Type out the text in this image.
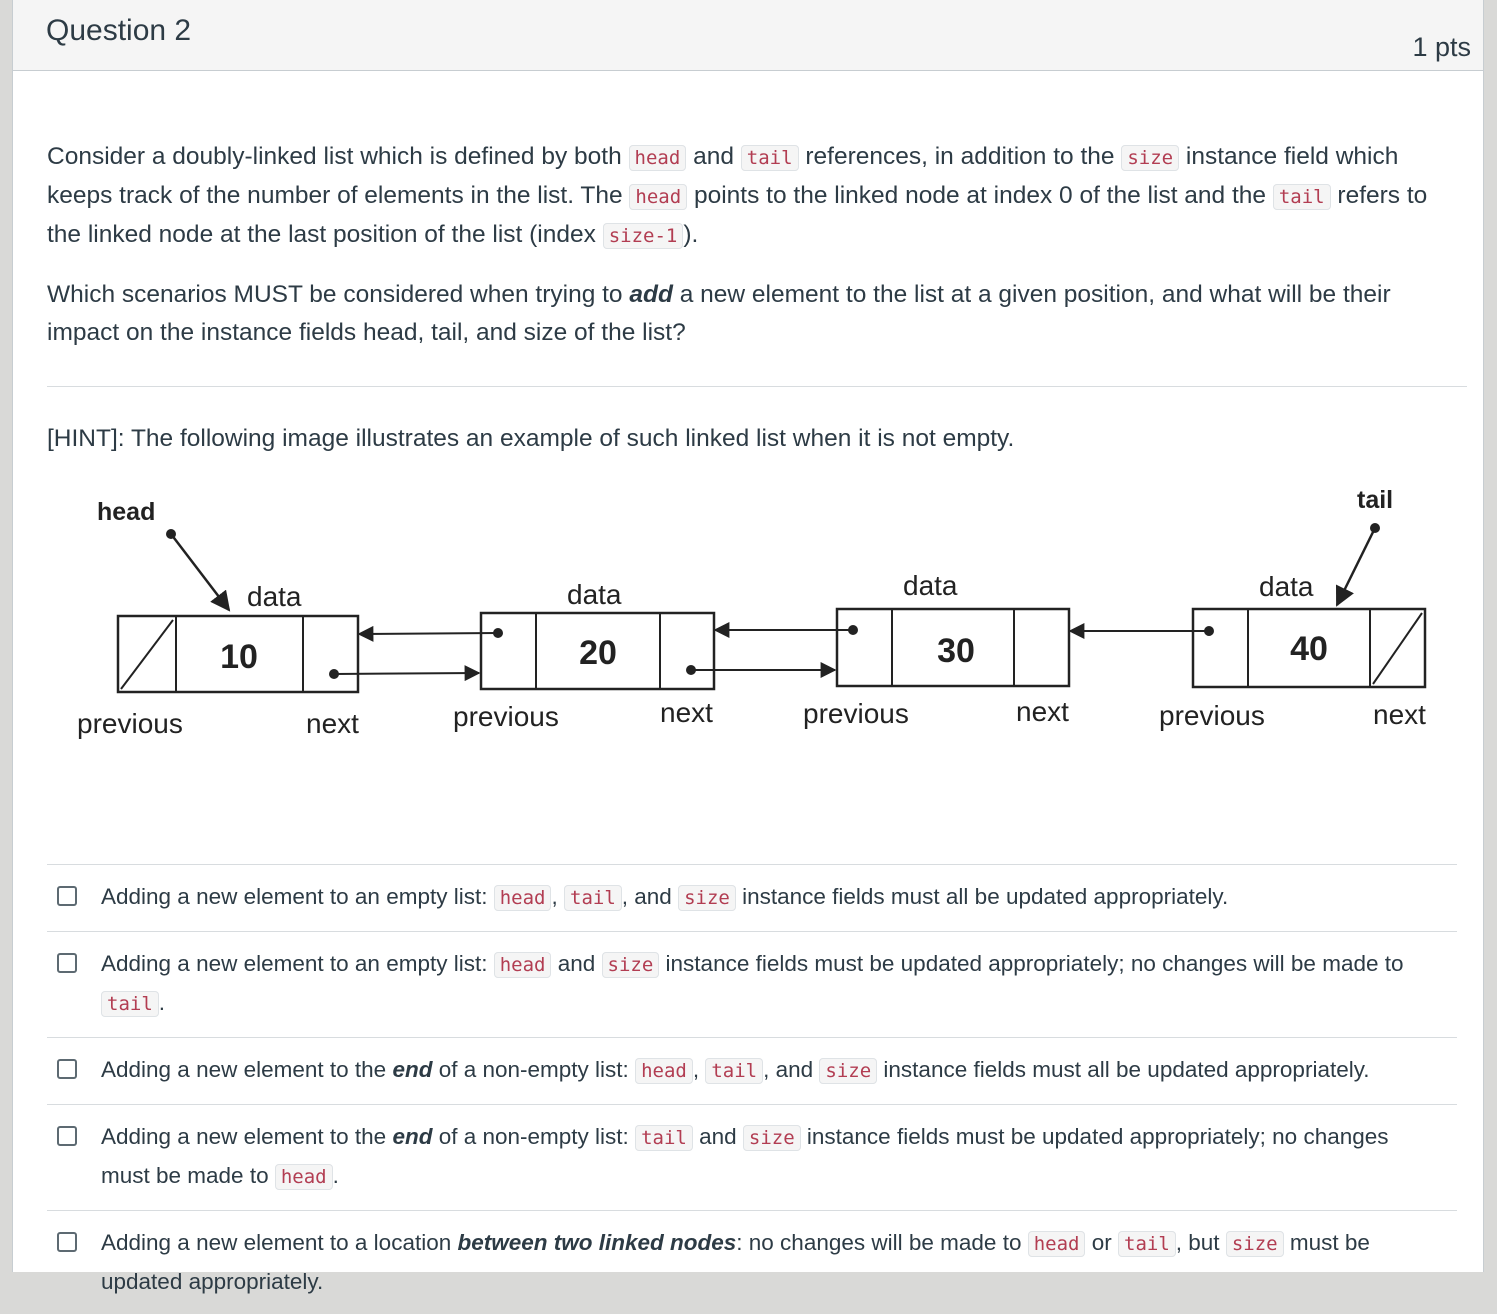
Question 2	1 pts
Consider a doubly-linked list which is defined by both head and tail references, in addition to the size instance field which keeps track of the number of elements in the list. The head points to the linked node at index 0 of the list and the tail refers to the linked node at the last position of the list (index size-1 ).
Which scenarios MUST be considered when trying to add a new element to the list at a given position, and what will be their impact on the instance fields head, tail, and size of the list?
[HINT]: The following image illustrates an example of such linked list when it is not empty.
head	tail
10
data
previous	next
20
data
previous	next
30
data
previous	next
40
data
previous	next
Adding a new element to an empty list: head , tail , and size instance fields must all be updated appropriately.
Adding a new element to an empty list: head and size instance fields must be updated appropriately; no changes will be made to tail .
Adding a new element to the end of a non-empty list: head , tail , and size instance fields must all be updated appropriately.
Adding a new element to the end of a non-empty list: tail and size instance fields must be updated appropriately; no changes must be made to head .
Adding a new element to a location between two linked nodes: no changes will be made to head or tail , but size must be updated appropriately.
